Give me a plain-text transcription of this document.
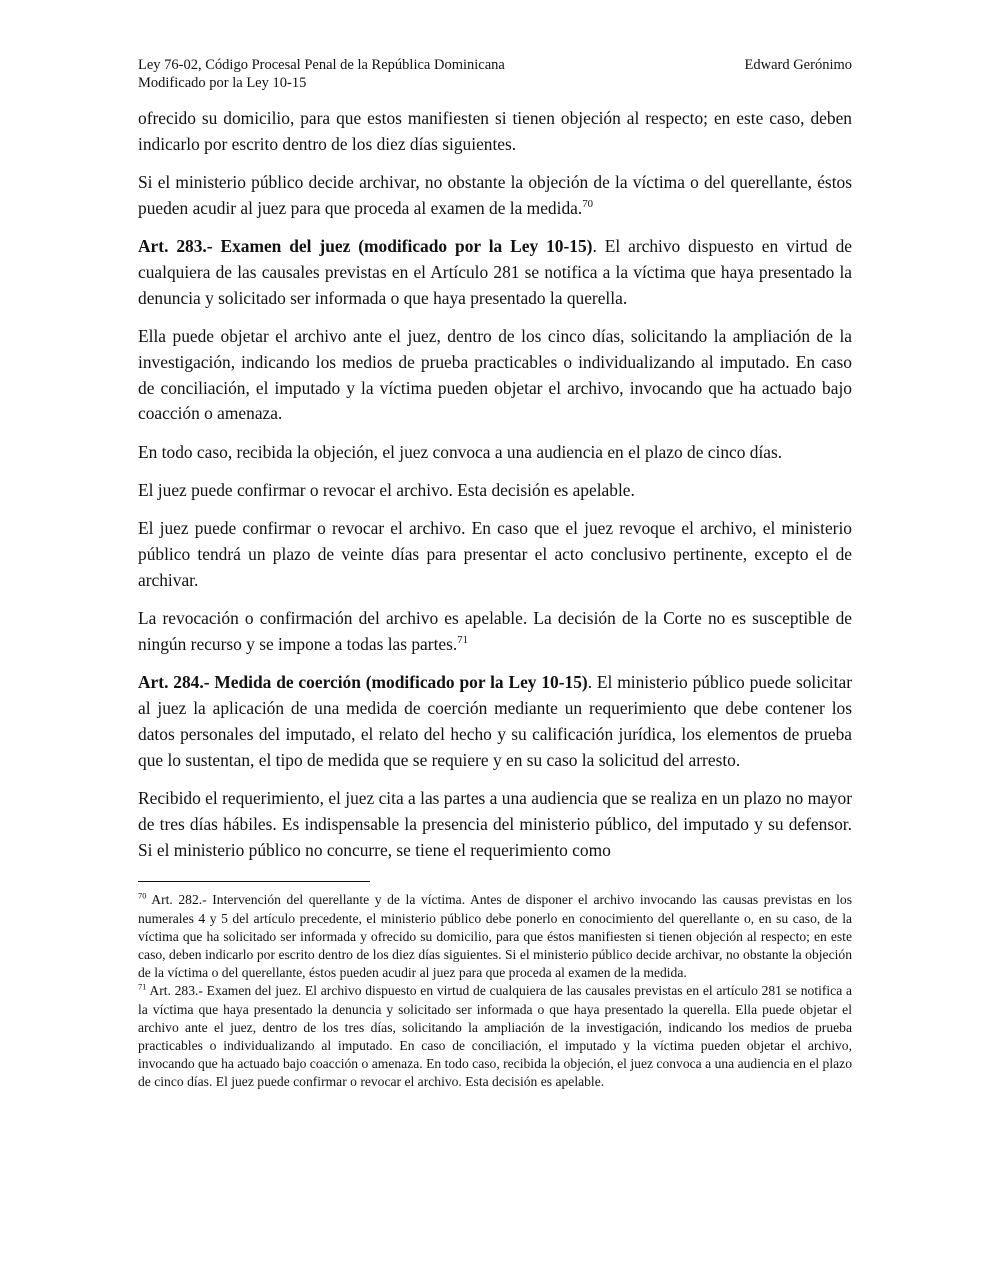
Ley 76-02, Código Procesal Penal de la República Dominicana
Modificado por la Ley 10-15
Edward Gerónimo

ofrecido su domicilio, para que estos manifiesten si tienen objeción al respecto; en este caso, deben indicarlo por escrito dentro de los diez días siguientes.

Si el ministerio público decide archivar, no obstante la objeción de la víctima o del querellante, éstos pueden acudir al juez para que proceda al examen de la medida.$^{70}$

Art. 283.- Examen del juez (modificado por la Ley 10-15). El archivo dispuesto en virtud de cualquiera de las causales previstas en el Artículo 281 se notifica a la víctima que haya presentado la denuncia y solicitado ser informada o que haya presentado la querella.

Ella puede objetar el archivo ante el juez, dentro de los cinco días, solicitando la ampliación de la investigación, indicando los medios de prueba practicables o individualizando al imputado. En caso de conciliación, el imputado y la víctima pueden objetar el archivo, invocando que ha actuado bajo coacción o amenaza.

En todo caso, recibida la objeción, el juez convoca a una audiencia en el plazo de cinco días.

El juez puede confirmar o revocar el archivo. Esta decisión es apelable.

El juez puede confirmar o revocar el archivo. En caso que el juez revoque el archivo, el ministerio público tendrá un plazo de veinte días para presentar el acto conclusivo pertinente, excepto el de archivar.

La revocación o confirmación del archivo es apelable. La decisión de la Corte no es susceptible de ningún recurso y se impone a todas las partes.$^{71}$

Art. 284.- Medida de coerción (modificado por la Ley 10-15). El ministerio público puede solicitar al juez la aplicación de una medida de coerción mediante un requerimiento que debe contener los datos personales del imputado, el relato del hecho y su calificación jurídica, los elementos de prueba que lo sustentan, el tipo de medida que se requiere y en su caso la solicitud del arresto.

Recibido el requerimiento, el juez cita a las partes a una audiencia que se realiza en un plazo no mayor de tres días hábiles. Es indispensable la presencia del ministerio público, del imputado y su defensor. Si el ministerio público no concurre, se tiene el requerimiento como

$^{70}$ Art. 282.- Intervención del querellante y de la víctima. Antes de disponer el archivo invocando las causas previstas en los numerales 4 y 5 del artículo precedente, el ministerio público debe ponerlo en conocimiento del querellante o, en su caso, de la víctima que ha solicitado ser informada y ofrecido su domicilio, para que éstos manifiesten si tienen objeción al respecto; en este caso, deben indicarlo por escrito dentro de los diez días siguientes. Si el ministerio público decide archivar, no obstante la objeción de la víctima o del querellante, éstos pueden acudir al juez para que proceda al examen de la medida.

$^{71}$ Art. 283.- Examen del juez. El archivo dispuesto en virtud de cualquiera de las causales previstas en el artículo 281 se notifica a la víctima que haya presentado la denuncia y solicitado ser informada o que haya presentado la querella. Ella puede objetar el archivo ante el juez, dentro de los tres días, solicitando la ampliación de la investigación, indicando los medios de prueba practicables o individualizando al imputado. En caso de conciliación, el imputado y la víctima pueden objetar el archivo, invocando que ha actuado bajo coacción o amenaza. En todo caso, recibida la objeción, el juez convoca a una audiencia en el plazo de cinco días. El juez puede confirmar o revocar el archivo. Esta decisión es apelable.
